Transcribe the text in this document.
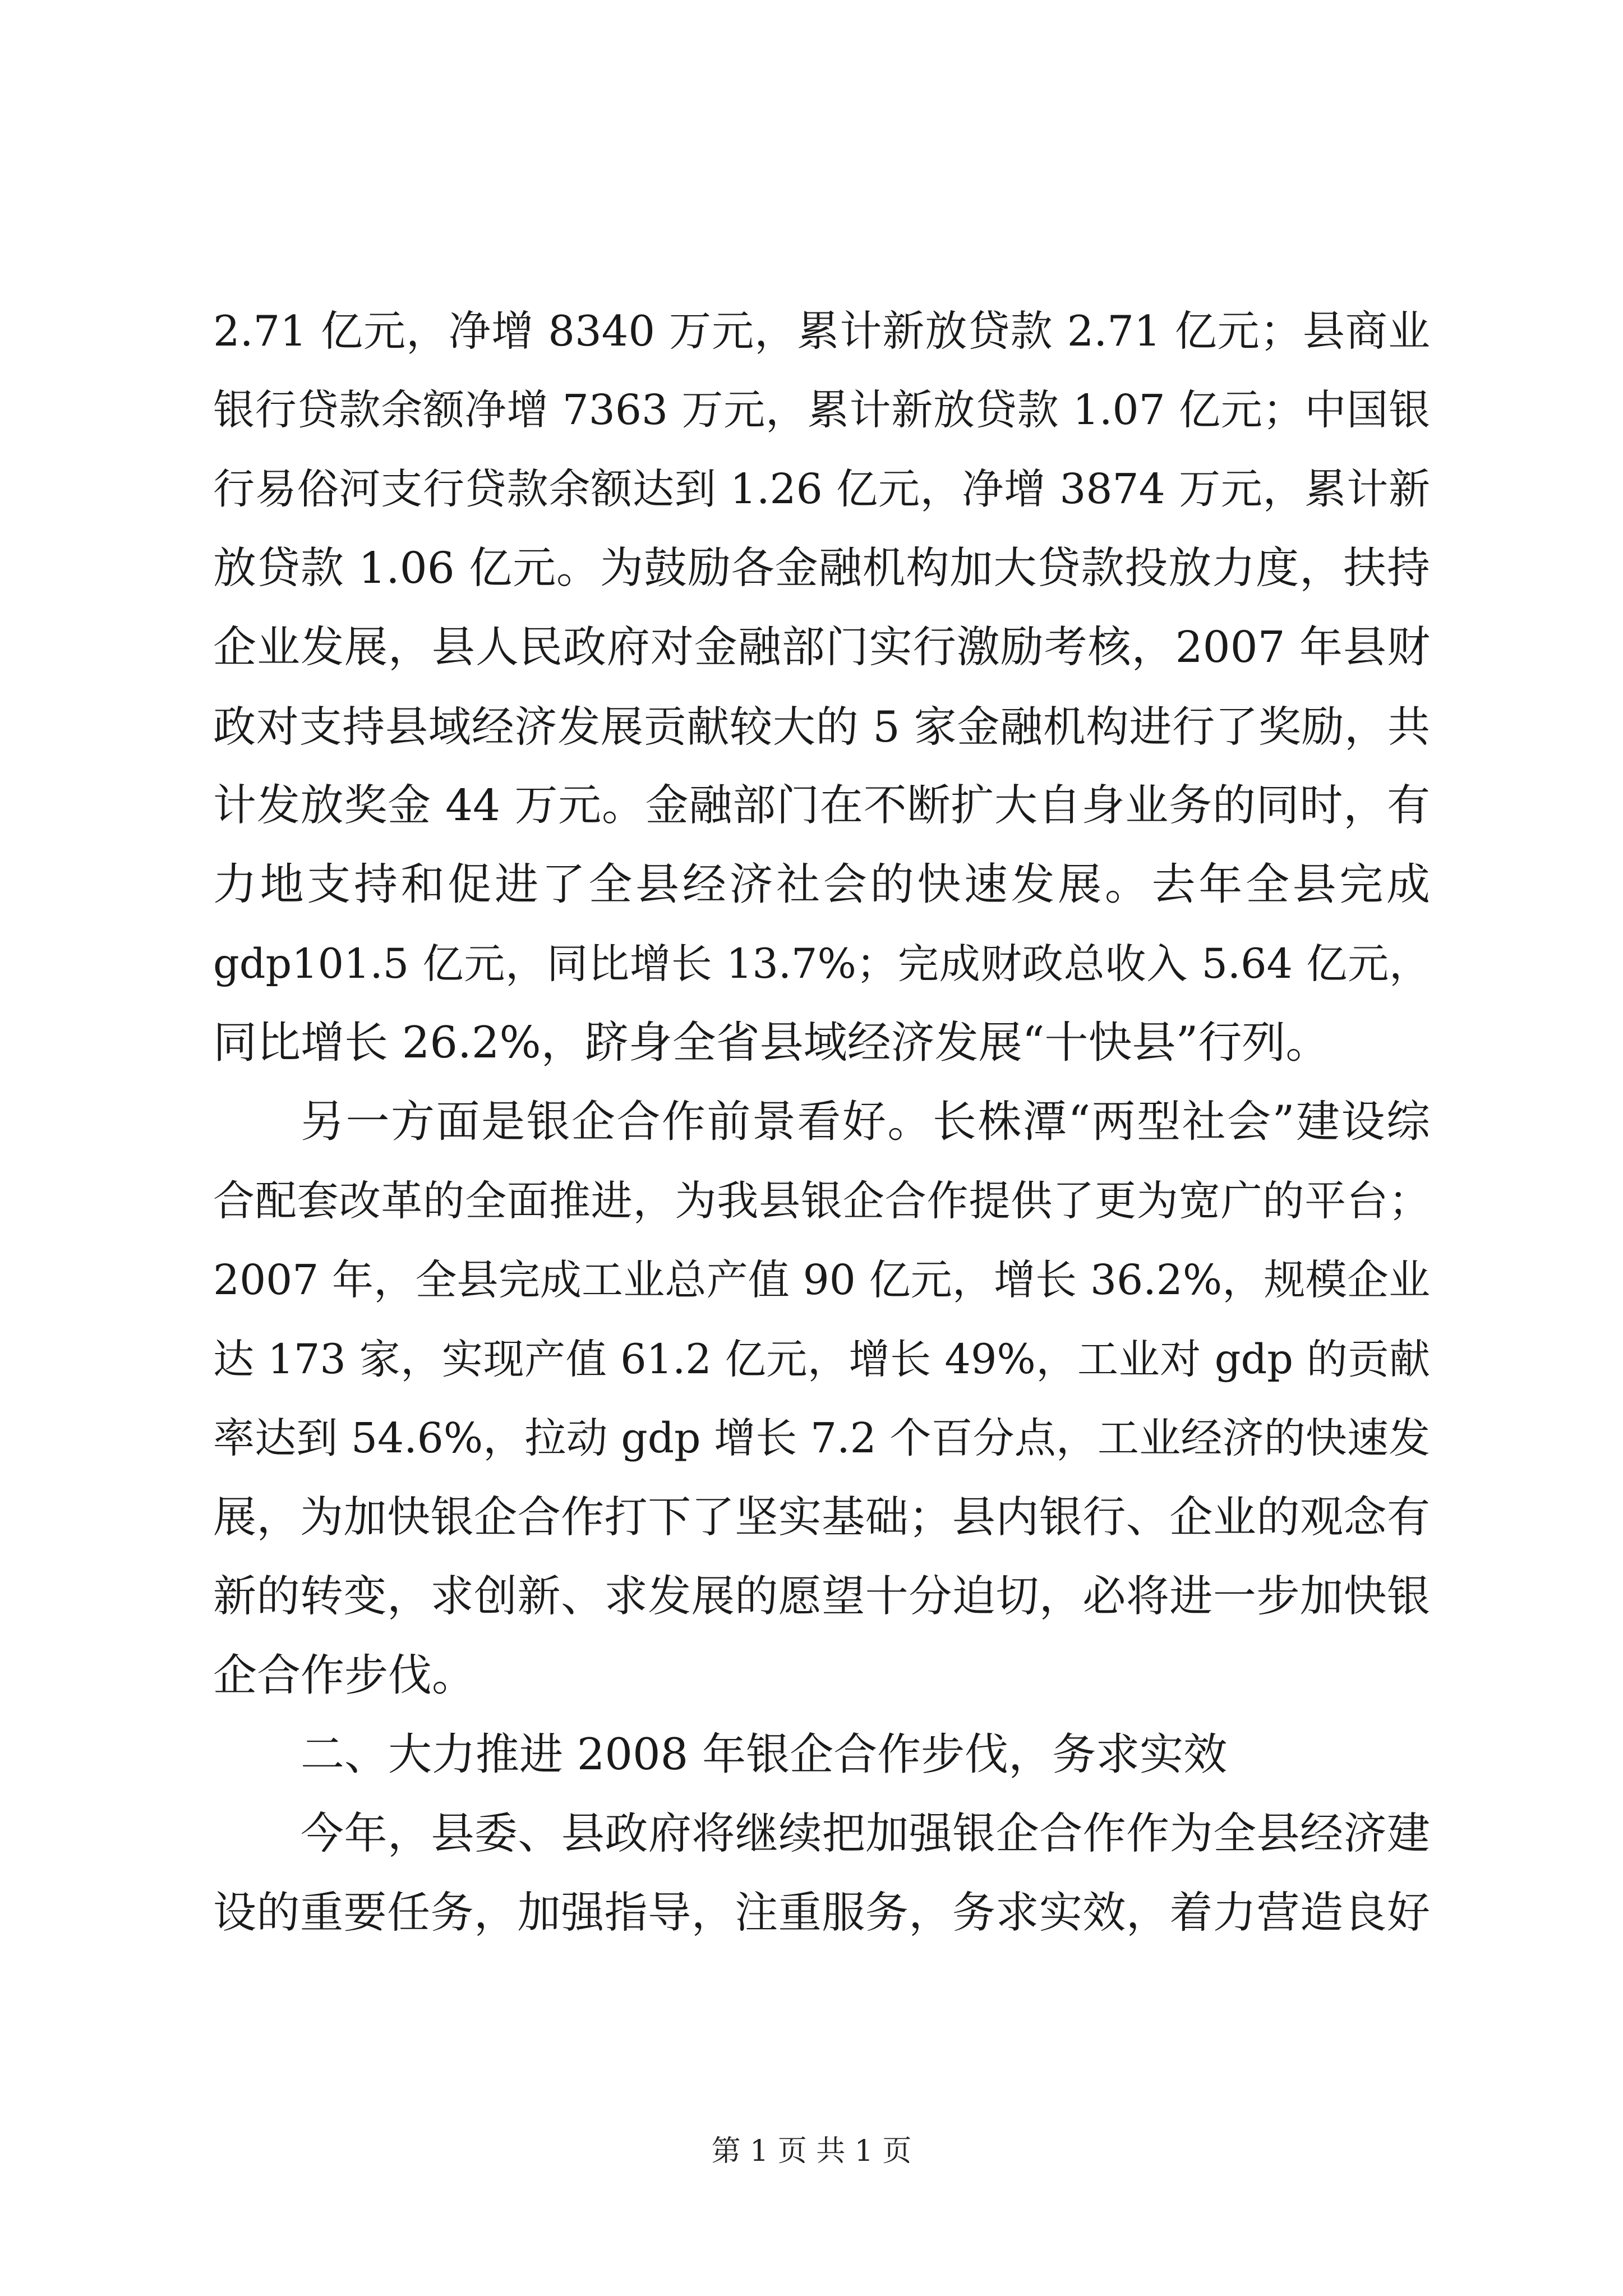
2.71 亿元，净增 8340 万元，累计新放贷款 2.71 亿元；县商业
银行贷款余额净增 7363 万元，累计新放贷款 1.07 亿元；中国银
行易俗河支行贷款余额达到 1.26 亿元，净增 3874 万元，累计新
放贷款 1.06 亿元。为鼓励各金融机构加大贷款投放力度，扶持
企业发展，县人民政府对金融部门实行激励考核，2007 年县财
政对支持县域经济发展贡献较大的 5 家金融机构进行了奖励，共
计发放奖金 44 万元。金融部门在不断扩大自身业务的同时，有
力地支持和促进了全县经济社会的快速发展。去年全县完成
gdp101.5 亿元，同比增长 13.7%；完成财政总收入 5.64 亿元，
同比增长 26.2%，跻身全省县域经济发展“十快县”行列。
另一方面是银企合作前景看好。长株潭“两型社会”建设综
合配套改革的全面推进，为我县银企合作提供了更为宽广的平台；
2007 年，全县完成工业总产值 90 亿元，增长 36.2%，规模企业
达 173 家，实现产值 61.2 亿元，增长 49%，工业对 gdp 的贡献
率达到 54.6%，拉动 gdp 增长 7.2 个百分点，工业经济的快速发
展，为加快银企合作打下了坚实基础；县内银行、企业的观念有
新的转变，求创新、求发展的愿望十分迫切，必将进一步加快银
企合作步伐。
二、大力推进 2008 年银企合作步伐，务求实效
今年，县委、县政府将继续把加强银企合作作为全县经济建
设的重要任务，加强指导，注重服务，务求实效，着力营造良好
第 1 页 共 1 页
